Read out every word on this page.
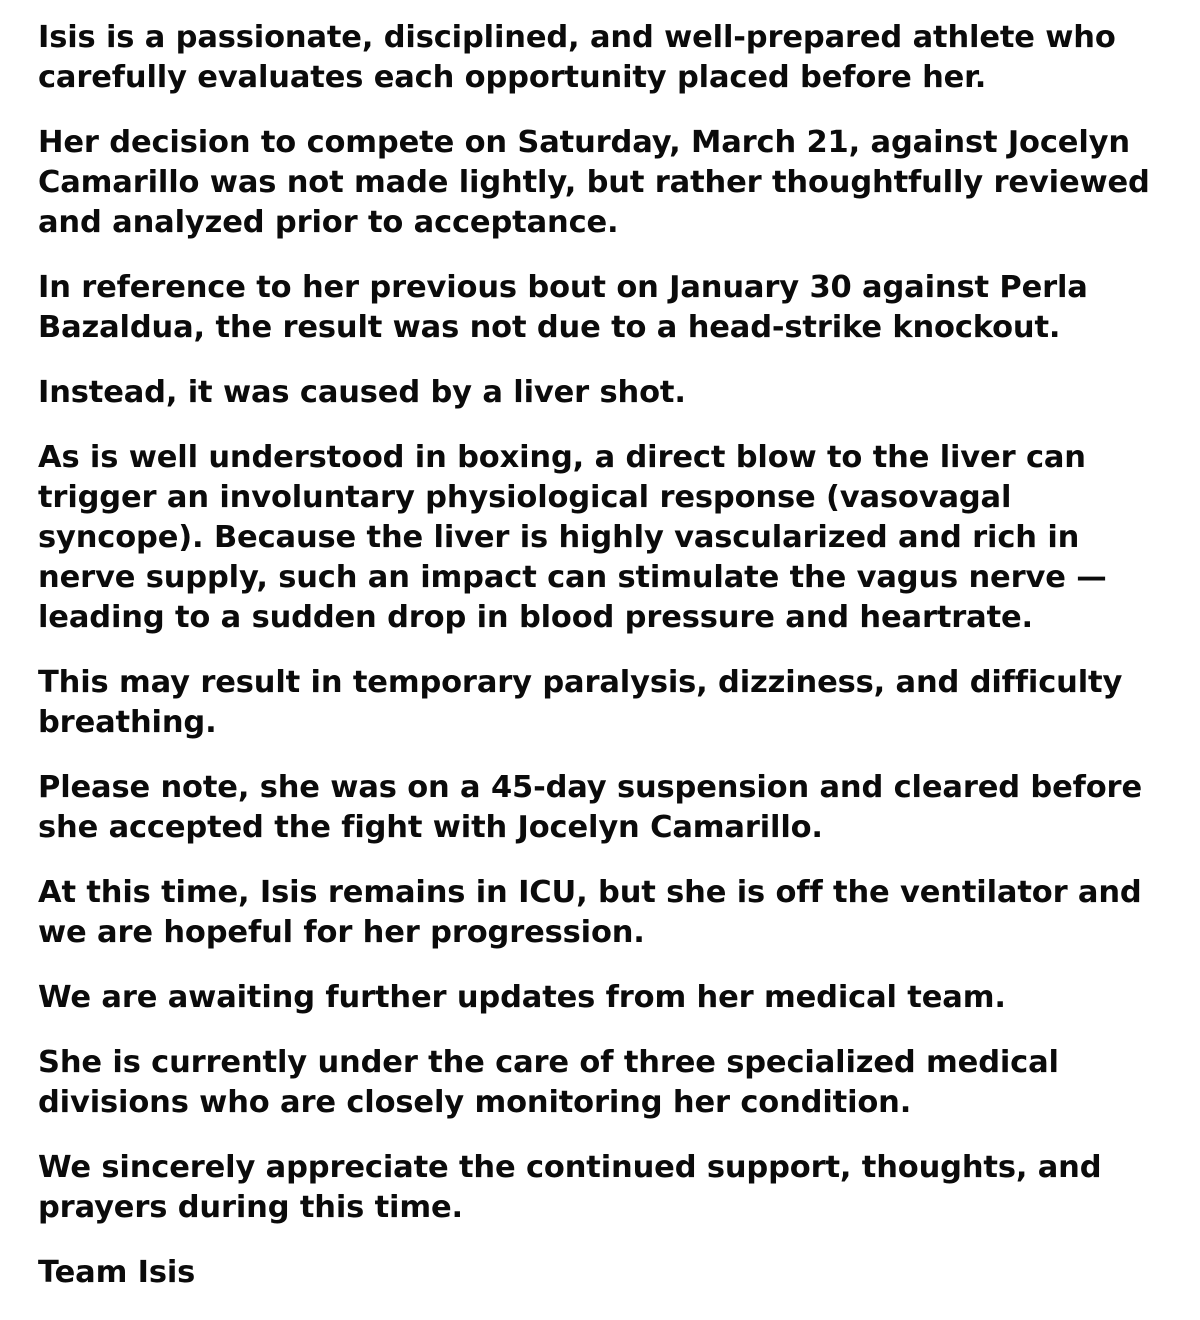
Isis is a passionate, disciplined, and well-prepared athlete who carefully evaluates each opportunity placed before her.

Her decision to compete on Saturday, March 21, against Jocelyn Camarillo was not made lightly, but rather thoughtfully reviewed and analyzed prior to acceptance.

In reference to her previous bout on January 30 against Perla Bazaldua, the result was not due to a head-strike knockout.

Instead, it was caused by a liver shot.

As is well understood in boxing, a direct blow to the liver can trigger an involuntary physiological response (vasovagal syncope). Because the liver is highly vascularized and rich in nerve supply, such an impact can stimulate the vagus nerve — leading to a sudden drop in blood pressure and heartrate.

This may result in temporary paralysis, dizziness, and difficulty breathing.

Please note, she was on a 45-day suspension and cleared before she accepted the fight with Jocelyn Camarillo.

At this time, Isis remains in ICU, but she is off the ventilator and we are hopeful for her progression.

We are awaiting further updates from her medical team.

She is currently under the care of three specialized medical divisions who are closely monitoring her condition.

We sincerely appreciate the continued support, thoughts, and prayers during this time.

Team Isis
